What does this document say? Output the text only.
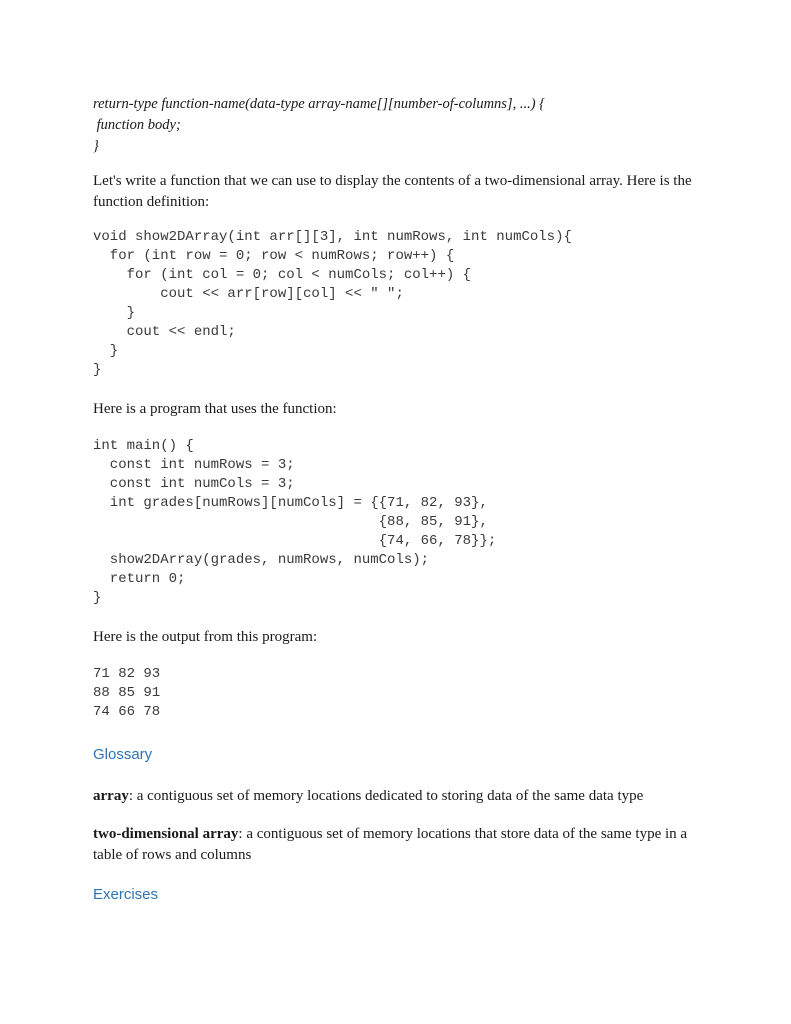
return-type function-name(data-type array-name[][number-of-columns], ...) {
function body;
}
Let's write a function that we can use to display the contents of a two-dimensional array. Here is the function definition:
void show2DArray(int arr[][3], int numRows, int numCols){
for (int row = 0; row < numRows; row++) {
for (int col = 0; col < numCols; col++) {
cout << arr[row][col] << " ";
}
cout << endl;
}
}
Here is a program that uses the function:
int main() {
const int numRows = 3;
const int numCols = 3;
int grades[numRows][numCols] = {{71, 82, 93},
{88, 85, 91},
{74, 66, 78}};
show2DArray(grades, numRows, numCols);
return 0;
}
Here is the output from this program:
71 82 93
88 85 91
74 66 78
Glossary
array: a contiguous set of memory locations dedicated to storing data of the same data type
two-dimensional array: a contiguous set of memory locations that store data of the same type in a table of rows and columns
Exercises
